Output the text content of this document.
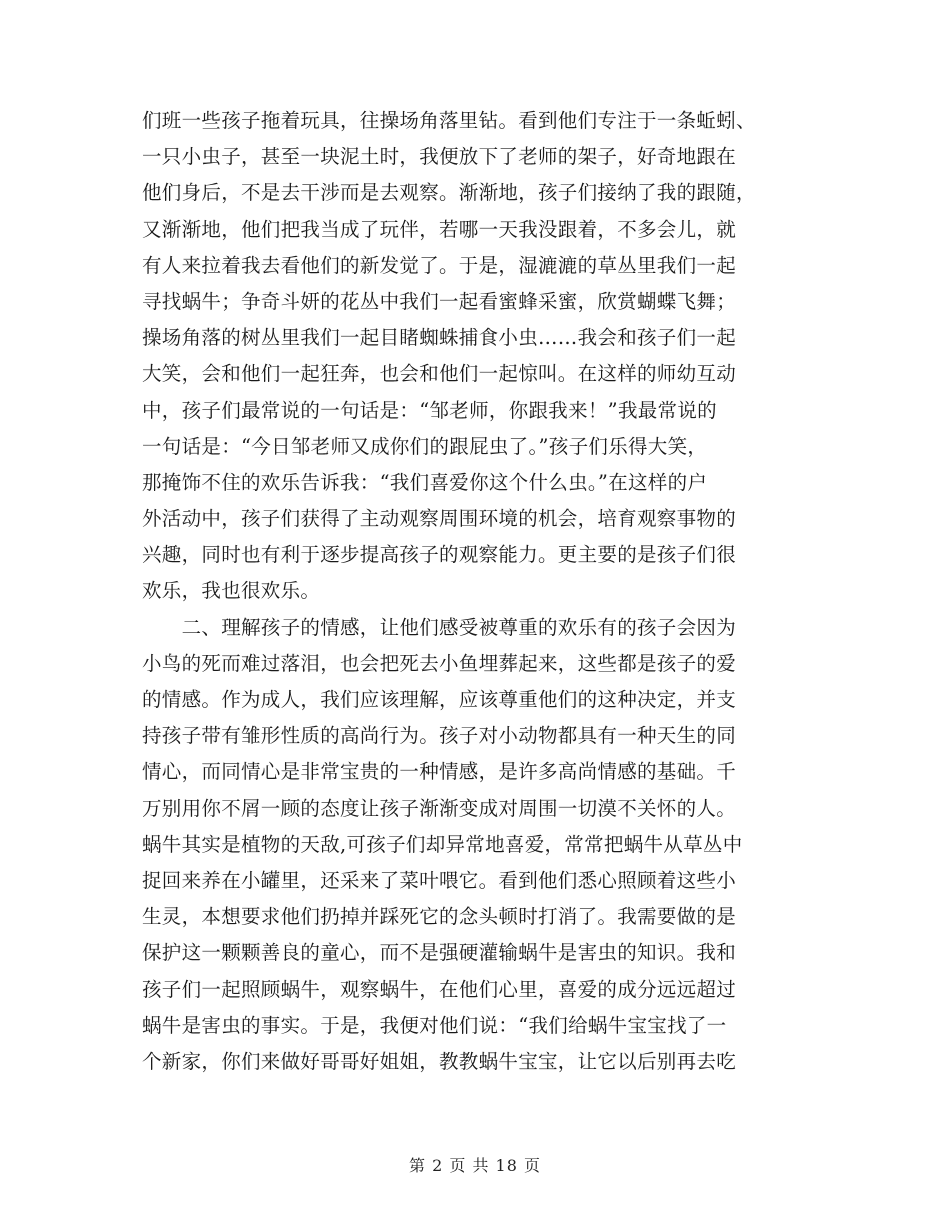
们班一些孩子拖着玩具，往操场角落里钻。看到他们专注于一条蚯蚓、
一只小虫子，甚至一块泥土时，我便放下了老师的架子，好奇地跟在
他们身后，不是去干涉而是去观察。渐渐地，孩子们接纳了我的跟随，
又渐渐地，他们把我当成了玩伴，若哪一天我没跟着，不多会儿，就
有人来拉着我去看他们的新发觉了。于是，湿漉漉的草丛里我们一起
寻找蜗牛；争奇斗妍的花丛中我们一起看蜜蜂采蜜，欣赏蝴蝶飞舞；
操场角落的树丛里我们一起目睹蜘蛛捕食小虫……我会和孩子们一起
大笑，会和他们一起狂奔，也会和他们一起惊叫。在这样的师幼互动
中，孩子们最常说的一句话是：“邹老师，你跟我来！”我最常说的
一句话是：“今日邹老师又成你们的跟屁虫了。”孩子们乐得大笑，
那掩饰不住的欢乐告诉我：“我们喜爱你这个什么虫。”在这样的户
外活动中，孩子们获得了主动观察周围环境的机会，培育观察事物的
兴趣，同时也有利于逐步提高孩子的观察能力。更主要的是孩子们很
欢乐，我也很欢乐。
　　二、理解孩子的情感，让他们感受被尊重的欢乐有的孩子会因为
小鸟的死而难过落泪，也会把死去小鱼埋葬起来，这些都是孩子的爱
的情感。作为成人，我们应该理解，应该尊重他们的这种决定，并支
持孩子带有雏形性质的高尚行为。孩子对小动物都具有一种天生的同
情心，而同情心是非常宝贵的一种情感，是许多高尚情感的基础。千
万别用你不屑一顾的态度让孩子渐渐变成对周围一切漠不关怀的人。
蜗牛其实是植物的天敌,可孩子们却异常地喜爱，常常把蜗牛从草丛中
捉回来养在小罐里，还采来了菜叶喂它。看到他们悉心照顾着这些小
生灵，本想要求他们扔掉并踩死它的念头顿时打消了。我需要做的是
保护这一颗颗善良的童心，而不是强硬灌输蜗牛是害虫的知识。我和
孩子们一起照顾蜗牛，观察蜗牛，在他们心里，喜爱的成分远远超过
蜗牛是害虫的事实。于是，我便对他们说：“我们给蜗牛宝宝找了一
个新家，你们来做好哥哥好姐姐，教教蜗牛宝宝，让它以后别再去吃
第 2 页 共 18 页
